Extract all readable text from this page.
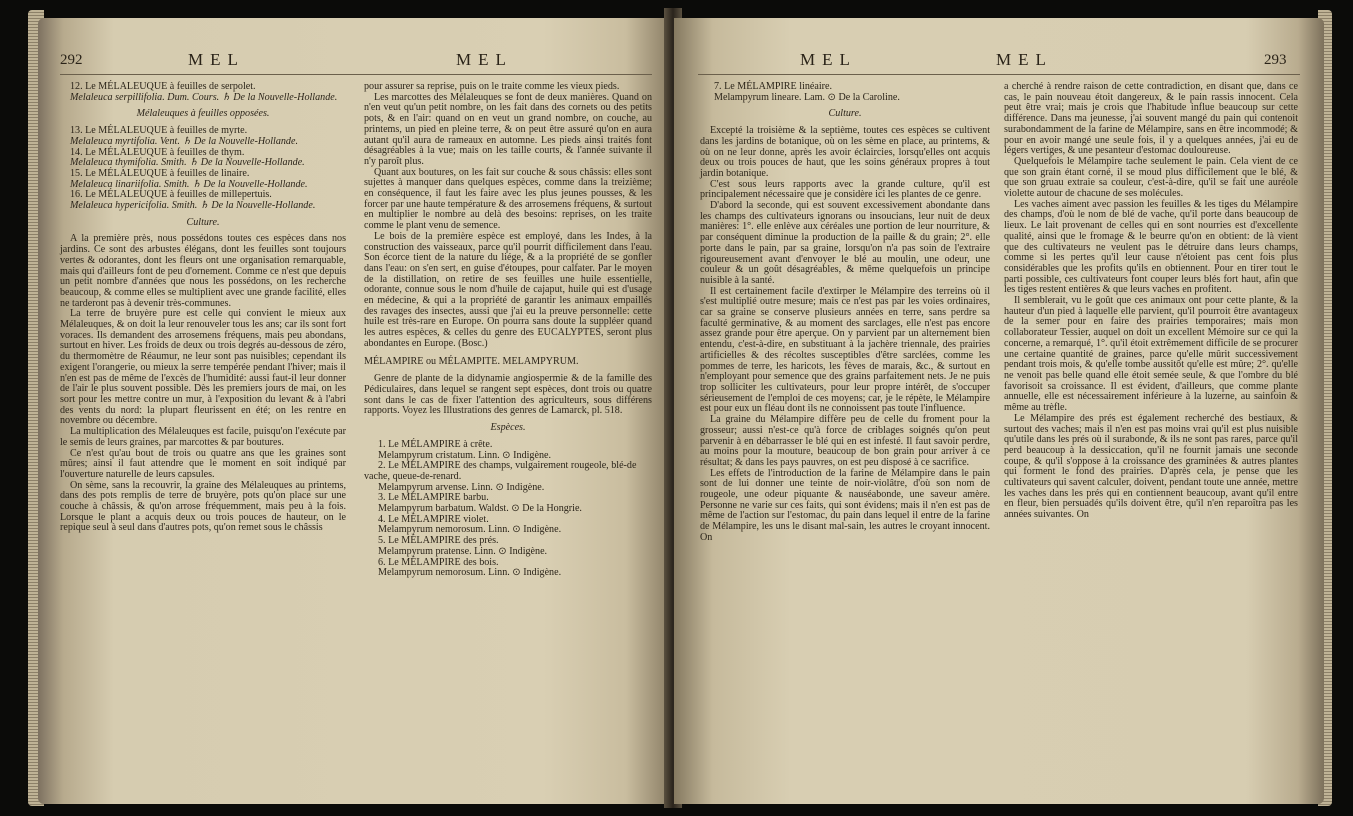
292	MEL	MEL

12. Le MÉLALEUQUE à feuilles de serpolet.

Melaleuca serpillifolia. Dum. Cours. ♄ De la Nouvelle-Hollande.

Mélaleuques à feuilles opposées.

13. Le MÉLALEUQUE à feuilles de myrte.

Melaleuca myrtifolia. Vent. ♄ De la Nouvelle-Hollande.

14. Le MÉLALEUQUE à feuilles de thym.

Melaleuca thymifolia. Smith. ♄ De la Nouvelle-Hollande.

15. Le MÉLALEUQUE à feuilles de linaire.

Melaleuca linariifolia. Smith. ♄ De la Nouvelle-Hollande.

16. Le MÉLALEUQUE à feuilles de millepertuis.

Melaleuca hypericifolia. Smith. ♄ De la Nouvelle-Hollande.

Culture.

A la première près, nous possédons toutes ces espèces dans nos jardins. Ce sont des arbustes élégans, dont les feuilles sont toujours vertes & odorantes, dont les fleurs ont une organisation remarquable, mais qui d'ailleurs font de peu d'ornement. Comme ce n'est que depuis un petit nombre d'années que nous les possédons, on les recherche beaucoup, & comme elles se multiplient avec une grande facilité, elles ne tarderont pas à devenir très-communes.

La terre de bruyère pure est celle qui convient le mieux aux Mélaleuques, & on doit la leur renouveler tous les ans; car ils sont fort voraces. Ils demandent des arrosemens fréquens, mais peu abondans, surtout en hiver. Les froids de deux ou trois degrés au-dessous de zéro, du thermomètre de Réaumur, ne leur sont pas nuisibles; cependant ils exigent l'orangerie, ou mieux la serre tempérée pendant l'hiver; mais il n'en est pas de même de l'excès de l'humidité: aussi faut-il leur donner de l'air le plus souvent possible. Dès les premiers jours de mai, on les sort pour les mettre contre un mur, à l'exposition du levant & à l'abri des vents du nord: la plupart fleurissent en été; on les rentre en novembre ou décembre.

La multiplication des Mélaleuques est facile, puisqu'on l'exécute par le semis de leurs graines, par marcottes & par boutures.

Ce n'est qu'au bout de trois ou quatre ans que les graines sont mûres; ainsi il faut attendre que le moment en soit indiqué par l'ouverture naturelle de leurs capsules.

On sème, sans la recouvrir, la graine des Mélaleuques au printems, dans des pots remplis de terre de bruyère, pots qu'on place sur une couche à châssis, & qu'on arrose fréquemment, mais peu à la fois. Lorsque le plant a acquis deux ou trois pouces de hauteur, on le repique seul à seul dans d'autres pots, qu'on remet sous le châssis

pour assurer sa reprise, puis on le traite comme les vieux pieds.

Les marcottes des Mélaleuques se font de deux manières. Quand on n'en veut qu'un petit nombre, on les fait dans des cornets ou des petits pots, & en l'air: quand on en veut un grand nombre, on couche, au printems, un pied en pleine terre, & on peut être assuré qu'on en aura autant qu'il aura de rameaux en automne. Les pieds ainsi traités font désagréables à la vue; mais on les taille courts, & l'année suivante il n'y paroît plus.

Quant aux boutures, on les fait sur couche & sous châssis: elles sont sujettes à manquer dans quelques espèces, comme dans la treizième; en conséquence, il faut les faire avec les plus jeunes pousses, & les forcer par une haute température & des arrosemens fréquens, & surtout en multiplier le nombre au delà des besoins: reprises, on les traite comme le plant venu de semence.

Le bois de la première espèce est employé, dans les Indes, à la construction des vaisseaux, parce qu'il pourrit difficilement dans l'eau. Son écorce tient de la nature du liége, & a la propriété de se gonfler dans l'eau: on s'en sert, en guise d'étoupes, pour calfater. Par le moyen de la distillation, on retire de ses feuilles une huile essentielle, odorante, connue sous le nom d'huile de cajaput, huile qui est d'usage en médecine, & qui a la propriété de garantir les animaux empaillés des ravages des insectes, aussi que j'ai eu la preuve personnelle: cette huile est très-rare en Europe. On pourra sans doute la suppléer quand les autres espèces, & celles du genre des EUCALYPTES, seront plus abondantes en Europe. (Bosc.)

MÉLAMPIRE ou MÉLAMPITE. MELAMPYRUM.

Genre de plante de la didynamie angiospermie & de la famille des Pédiculaires, dans lequel se rangent sept espèces, dont trois ou quatre sont dans le cas de fixer l'attention des agriculteurs, sous différens rapports. Voyez les Illustrations des genres de Lamarck, pl. 518.

Espèces.

1. Le MÉLAMPIRE à crête.

Melampyrum cristatum. Linn. ⊙ Indigène.

2. Le MÉLAMPIRE des champs, vulgairement rougeole, blé-de vache, queue-de-renard.

Melampyrum arvense. Linn. ⊙ Indigène.

3. Le MÉLAMPIRE barbu.

Melampyrum barbatum. Waldst. ⊙ De la Hongrie.

4. Le MÉLAMPIRE violet.

Melampyrum nemorosum. Linn. ⊙ Indigène.

5. Le MÉLAMPIRE des prés.

Melampyrum pratense. Linn. ⊙ Indigène.

6. Le MÉLAMPIRE des bois.

Melampyrum nemorosum. Linn. ⊙ Indigène.

MEL	MEL	293

7. Le MÉLAMPIRE linéaire.

Melampyrum lineare. Lam. ⊙ De la Caroline.

Culture.

Excepté la troisième & la septième, toutes ces espèces se cultivent dans les jardins de botanique, où on les sème en place, au printems, & où on ne leur donne, après les avoir éclaircies, lorsqu'elles ont acquis deux ou trois pouces de haut, que les soins généraux propres à tout jardin botanique.

C'est sous leurs rapports avec la grande culture, qu'il est principalement nécessaire que je considère ici les plantes de ce genre.

D'abord la seconde, qui est souvent excessivement abondante dans les champs des cultivateurs ignorans ou insoucians, leur nuit de deux manières: 1°. elle enlève aux céréales une portion de leur nourriture, & par conséquent diminue la production de la paille & du grain; 2°. elle porte dans le pain, par sa graine, lorsqu'on n'a pas soin de l'extraire rigoureusement avant d'envoyer le blé au moulin, une odeur, une couleur & un goût désagréables, & même quelquefois un principe nuisible à la santé.

Il est certainement facile d'extirper le Mélampire des terreins où il s'est multiplié outre mesure; mais ce n'est pas par les voies ordinaires, car sa graine se conserve plusieurs années en terre, sans perdre sa faculté germinative, & au moment des sarclages, elle n'est pas encore assez grande pour être aperçue. On y parvient par un alternement bien entendu, c'est-à-dire, en substituant à la jachère triennale, des prairies artificielles & des récoltes susceptibles d'être sarclées, comme les pommes de terre, les haricots, les fèves de marais, &c., & surtout en n'employant pour semence que des grains parfaitement nets. Je ne puis trop solliciter les cultivateurs, pour leur propre intérêt, de s'occuper sérieusement de l'emploi de ces moyens; car, je le répète, le Mélampire est pour eux un fléau dont ils ne connoissent pas toute l'influence.

La graine du Mélampire diffère peu de celle du froment pour la grosseur; aussi n'est-ce qu'à force de criblages soignés qu'on peut parvenir à en débarrasser le blé qui en est infesté. Il faut savoir perdre, au moins pour la mouture, beaucoup de bon grain pour arriver à ce résultat; & dans les pays pauvres, on est peu disposé à ce sacrifice.

Les effets de l'introduction de la farine de Mélampire dans le pain sont de lui donner une teinte de noir-violâtre, d'où son nom de rougeole, une odeur piquante & nauséabonde, une saveur amère. Personne ne varie sur ces faits, qui sont évidens; mais il n'en est pas de même de l'action sur l'estomac, du pain dans lequel il entre de la farine de Mélampire, les uns le disant mal-sain, les autres le croyant innocent. On

a cherché à rendre raison de cette contradiction, en disant que, dans ce cas, le pain nouveau étoit dangereux, & le pain rassis innocent. Cela peut être vrai; mais je crois que l'habitude influe beaucoup sur cette différence. Dans ma jeunesse, j'ai souvent mangé du pain qui contenoit surabondamment de la farine de Mélampire, sans en être incommodé; & pour en avoir mangé une seule fois, il y a quelques années, j'ai eu de légers vertiges, & une pesanteur d'estomac douloureuse.

Quelquefois le Mélampire tache seulement le pain. Cela vient de ce que son grain étant corné, il se moud plus difficilement que le blé, & que son gruau extraie sa couleur, c'est-à-dire, qu'il se fait une auréole violette autour de chacune de ses molécules.

Les vaches aiment avec passion les feuilles & les tiges du Mélampire des champs, d'où le nom de blé de vache, qu'il porte dans beaucoup de lieux. Le lait provenant de celles qui en sont nourries est d'excellente qualité, ainsi que le fromage & le beurre qu'on en obtient: de là vient que des cultivateurs ne veulent pas le détruire dans leurs champs, comme si les pertes qu'il leur cause n'étoient pas cent fois plus considérables que les profits qu'ils en obtiennent. Pour en tirer tout le parti possible, ces cultivateurs font couper leurs blés fort haut, afin que les tiges restent entières & que leurs vaches en profitent.

Il semblerait, vu le goût que ces animaux ont pour cette plante, & la hauteur d'un pied à laquelle elle parvient, qu'il pourroit être avantageux de la semer pour en faire des prairies temporaires; mais mon collaborateur Tessier, auquel on doit un excellent Mémoire sur ce qui la concerne, a remarqué, 1°. qu'il étoit extrêmement difficile de se procurer une certaine quantité de graines, parce qu'elle mûrit successivement pendant trois mois, & qu'elle tombe aussitôt qu'elle est mûre; 2°. qu'elle ne venoit pas belle quand elle étoit semée seule, & que l'ombre du blé favorisoit sa croissance. Il est évident, d'ailleurs, que comme plante annuelle, elle est nécessairement inférieure à la luzerne, au sainfoin & même au trèfle.

Le Mélampire des prés est également recherché des bestiaux, & surtout des vaches; mais il n'en est pas moins vrai qu'il est plus nuisible qu'utile dans les prés où il surabonde, & ils ne sont pas rares, parce qu'il perd beaucoup à la dessiccation, qu'il ne fournit jamais une seconde coupe, & qu'il s'oppose à la croissance des graminées & autres plantes qui forment le fond des prairies. D'après cela, je pense que les cultivateurs qui savent calculer, doivent, pendant toute une année, mettre les vaches dans les prés qui en contiennent beaucoup, avant qu'il entre en fleur, bien persuadés qu'ils doivent être, qu'il n'en reparoîtra pas les années suivantes. On
